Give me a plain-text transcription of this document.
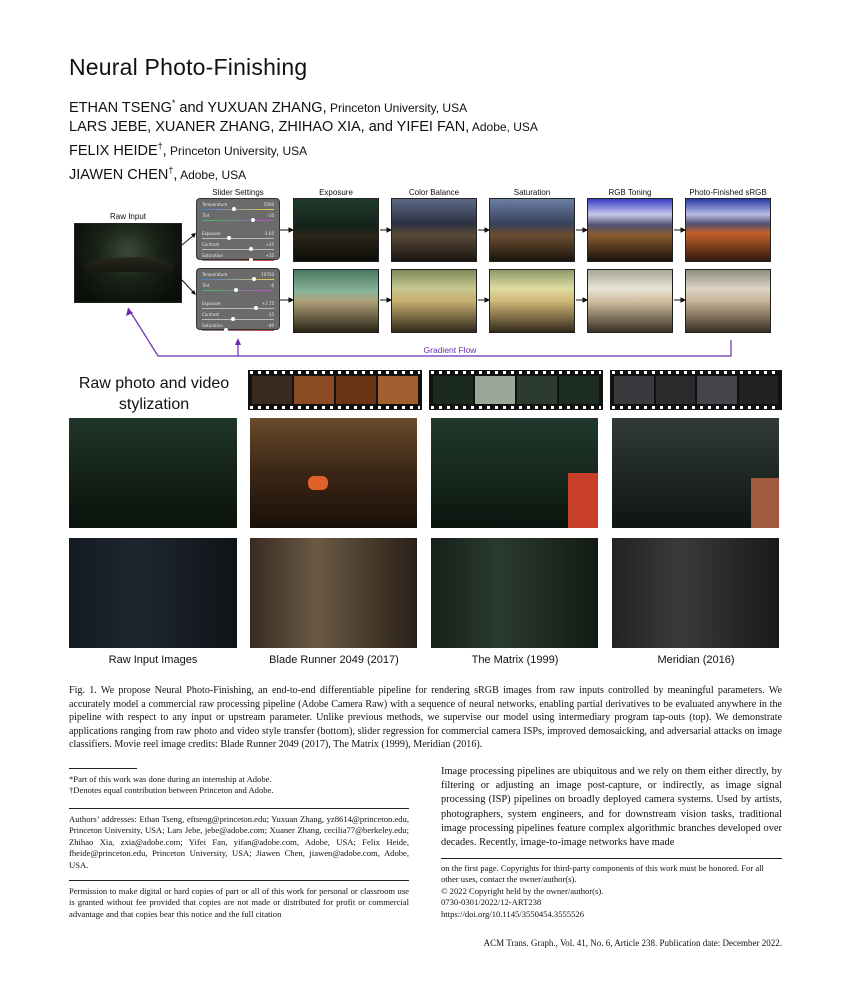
Neural Photo-Finishing
ETHAN TSENG* and YUXUAN ZHANG, Princeton University, USA
LARS JEBE, XUANER ZHANG, ZHIHAO XIA, and YIFEI FAN, Adobe, USA
FELIX HEIDE†, Princeton University, USA
JIAWEN CHEN†, Adobe, USA
Raw Input
Slider Settings
Temperature	5500
Tint	-10
Exposure	-1.65
Contrast	+35
Saturation	+35
Temperature	10750
Tint	-6
Exposure	+2.75
Contrast	-15
Saturation	-40
Exposure	Color Balance	Saturation	RGB Toning	Photo-Finished sRGB
Gradient Flow
Raw photo and video
stylization
Raw Input Images	Blade Runner 2049 (2017)	The Matrix (1999)	Meridian (2016)
Fig. 1. We propose Neural Photo-Finishing, an end-to-end differentiable pipeline for rendering sRGB images from raw inputs controlled by meaningful parameters. We accurately model a commercial raw processing pipeline (Adobe Camera Raw) with a sequence of neural networks, enabling partial derivatives to be evaluated anywhere in the pipeline with respect to any input or upstream parameter. Unlike previous methods, we supervise our model using intermediary program tap-outs (top). We demonstrate applications ranging from raw photo and video style transfer (bottom), slider regression for commercial camera ISPs, improved demosaicking, and adversarial attacks on image classifiers. Movie reel image credits: Blade Runner 2049 (2017), The Matrix (1999), Meridian (2016).
*Part of this work was done during an internship at Adobe.
†Denotes equal contribution between Princeton and Adobe.
Authors’ addresses: Ethan Tseng, eftseng@princeton.edu; Yuxuan Zhang, yz8614@princeton.edu, Princeton University, USA; Lars Jebe, jebe@adobe.com; Xuaner Zhang, cecilia77@berkeley.edu; Zhihao Xia, zxia@adobe.com; Yifei Fan, yifan@adobe.com, Adobe, USA; Felix Heide, fheide@princeton.edu, Princeton University, USA; Jiawen Chen, jiawen@adobe.com, Adobe, USA.
Permission to make digital or hard copies of part or all of this work for personal or classroom use is granted without fee provided that copies are not made or distributed for profit or commercial advantage and that copies bear this notice and the full citation
Image processing pipelines are ubiquitous and we rely on them either directly, by filtering or adjusting an image post-capture, or indirectly, as image signal processing (ISP) pipelines on broadly deployed camera systems. Used by artists, photographers, system engineers, and for downstream vision tasks, traditional image processing pipelines feature complex algorithmic branches developed over decades. Recently, image-to-image networks have made
on the first page. Copyrights for third-party components of this work must be honored. For all other uses, contact the owner/author(s).
© 2022 Copyright held by the owner/author(s).
0730-0301/2022/12-ART238
https://doi.org/10.1145/3550454.3555526
ACM Trans. Graph., Vol. 41, No. 6, Article 238. Publication date: December 2022.
